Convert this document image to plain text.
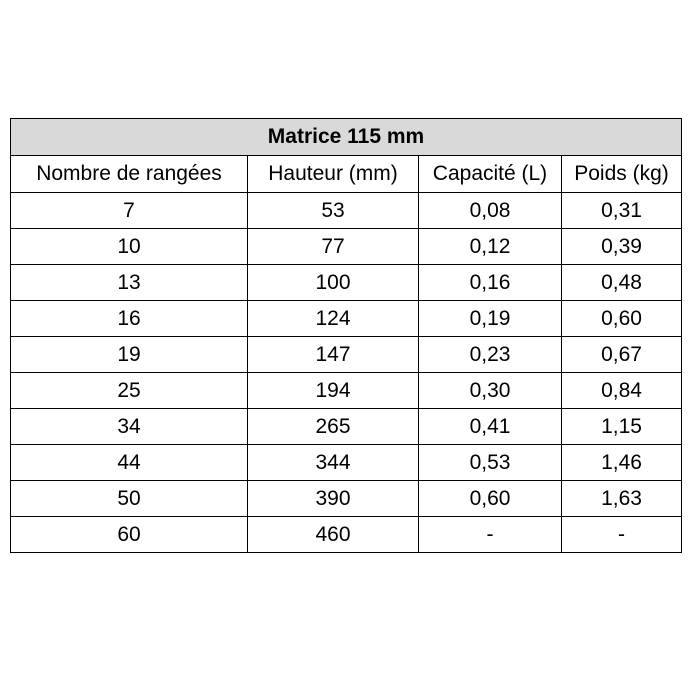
Matrice 115 mm			
Nombre de rangées	Hauteur (mm)	Capacité (L)	Poids (kg)
7	53	0,08	0,31
10	77	0,12	0,39
13	100	0,16	0,48
16	124	0,19	0,60
19	147	0,23	0,67
25	194	0,30	0,84
34	265	0,41	1,15
44	344	0,53	1,46
50	390	0,60	1,63
60	460	-	-
